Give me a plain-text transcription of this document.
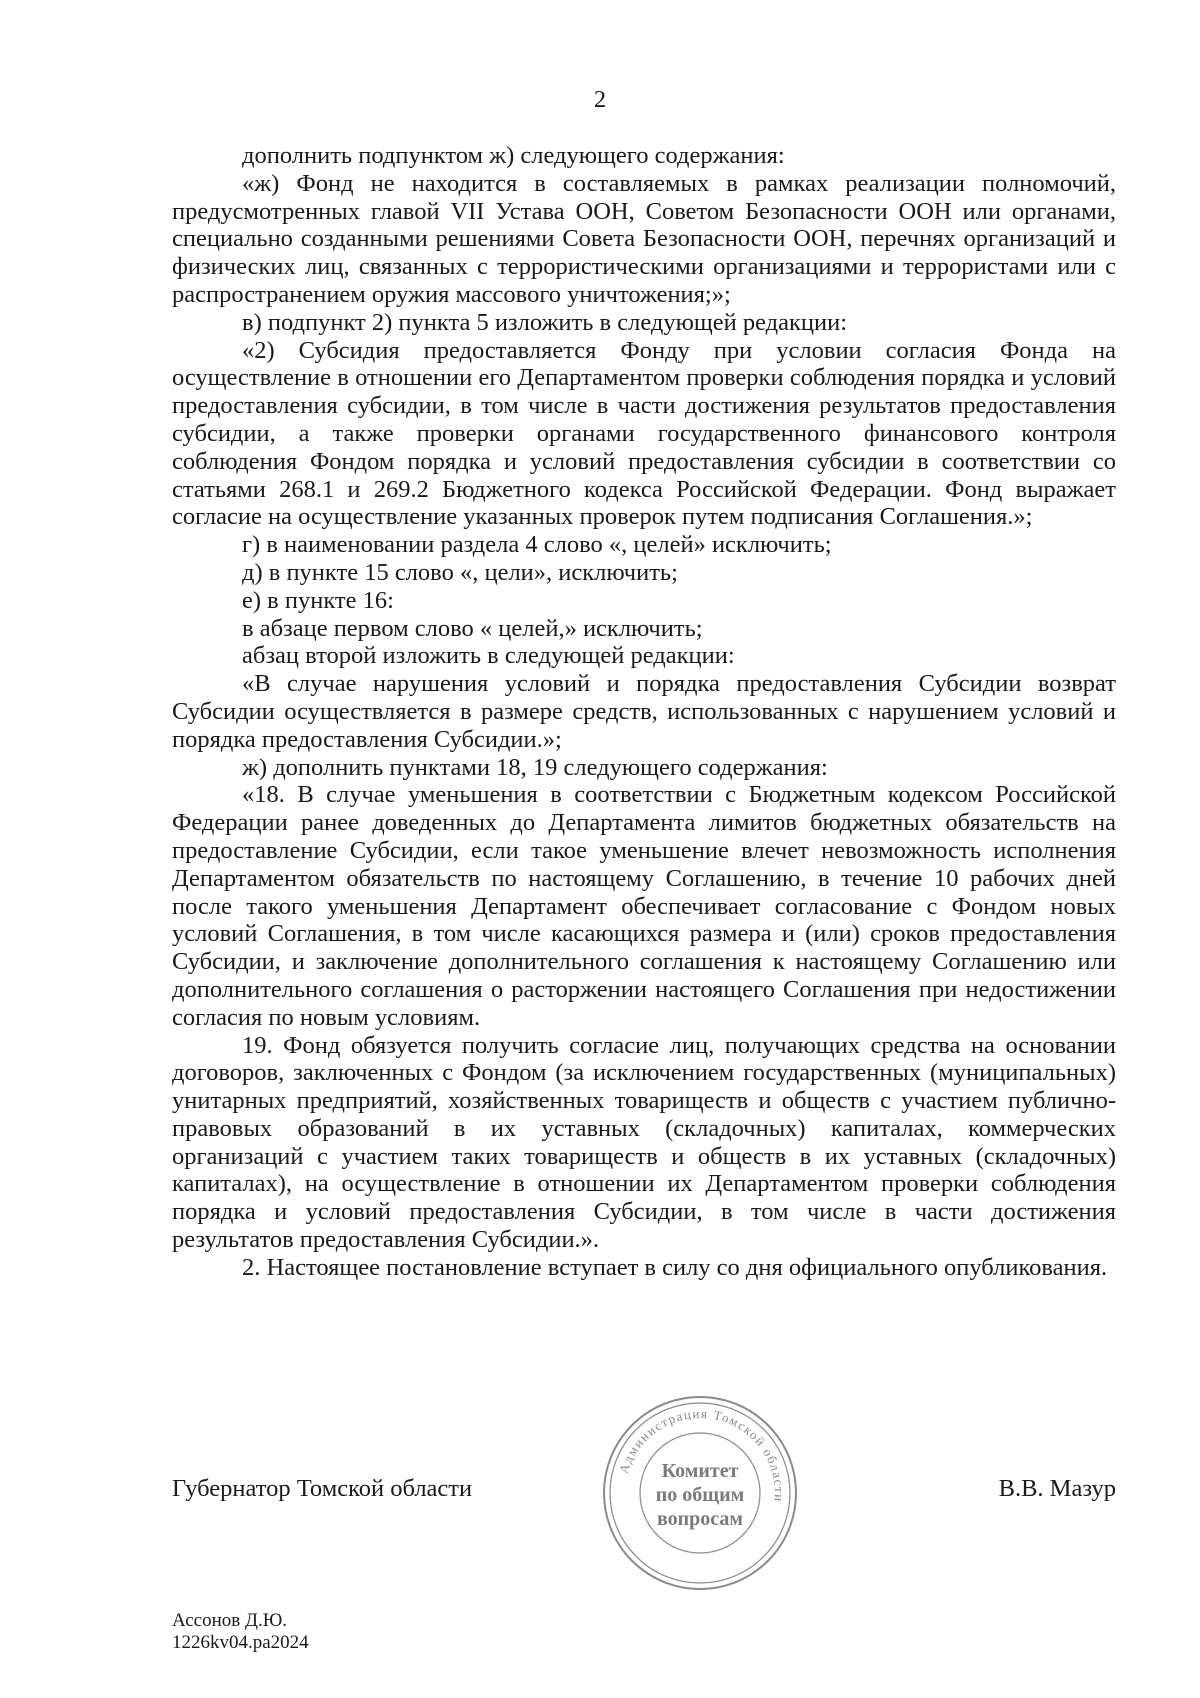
2

дополнить подпунктом ж) следующего содержания:

«ж) Фонд не находится в составляемых в рамках реализации полномочий, предусмотренных главой VII Устава ООН, Советом Безопасности ООН или органами, специально созданными решениями Совета Безопасности ООН, перечнях организаций и физических лиц, связанных с террористическими организациями и террористами или с распространением оружия массового уничтожения;»;

в) подпункт 2) пункта 5 изложить в следующей редакции:

«2) Субсидия предоставляется Фонду при условии согласия Фонда на осуществление в отношении его Департаментом проверки соблюдения порядка и условий предоставления субсидии, в том числе в части достижения результатов предоставления субсидии, а также проверки органами государственного финансового контроля соблюдения Фондом порядка и условий предоставления субсидии в соответствии со статьями 268.1 и 269.2 Бюджетного кодекса Российской Федерации. Фонд выражает согласие на осуществление указанных проверок путем подписания Соглашения.»;

г) в наименовании раздела 4 слово «, целей» исключить;

д) в пункте 15 слово «, цели», исключить;

е) в пункте 16:

в абзаце первом слово « целей,» исключить;

абзац второй изложить в следующей редакции:

«В случае нарушения условий и порядка предоставления Субсидии возврат Субсидии осуществляется в размере средств, использованных с нарушением условий и порядка предоставления Субсидии.»;

ж) дополнить пунктами 18, 19 следующего содержания:

«18. В случае уменьшения в соответствии с Бюджетным кодексом Российской Федерации ранее доведенных до Департамента лимитов бюджетных обязательств на предоставление Субсидии, если такое уменьшение влечет невозможность исполнения Департаментом обязательств по настоящему Соглашению, в течение 10 рабочих дней после такого уменьшения Департамент обеспечивает согласование с Фондом новых условий Соглашения, в том числе касающихся размера и (или) сроков предоставления Субсидии, и заключение дополнительного соглашения к настоящему Соглашению или дополнительного соглашения о расторжении настоящего Соглашения при недостижении согласия по новым условиям.

19. Фонд обязуется получить согласие лиц, получающих средства на основании договоров, заключенных с Фондом (за исключением государственных (муниципальных) унитарных предприятий, хозяйственных товариществ и обществ с участием публично-правовых образований в их уставных (складочных) капиталах, коммерческих организаций с участием таких товариществ и обществ в их уставных (складочных) капиталах), на осуществление в отношении их Департаментом проверки соблюдения порядка и условий предоставления Субсидии, в том числе в части достижения результатов предоставления Субсидии.».

2. Настоящее постановление вступает в силу со дня официального опубликования.

Губернатор Томской области	В.В. Мазур
Администрация Томской области
Комитет
по общим
вопросам
Ассонов Д.Ю.
1226kv04.pa2024
